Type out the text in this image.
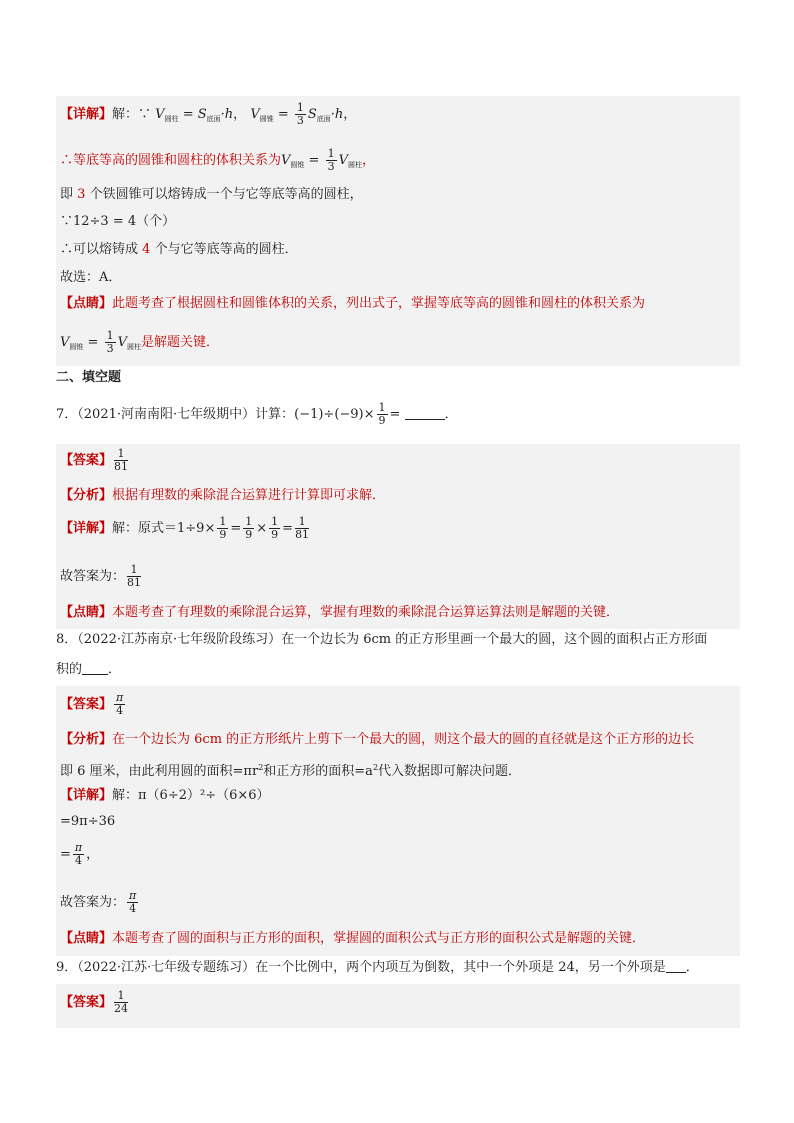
【详解】解：∵ $V_{圆柱} = S_{底面}\cdot h$， $V_{圆锥} = \frac{1}{3} S_{底面}\cdot h$，
∴等底等高的圆锥和圆柱的体积关系为$V_{圆锥} = \frac{1}{3} V_{圆柱}$，
即 3 个铁圆锥可以熔铸成一个与它等底等高的圆柱，
∵12÷3 = 4（个）
∴可以熔铸成 4 个与它等底等高的圆柱．
故选：A．
【点睛】此题考查了根据圆柱和圆锥体积的关系，列出式子，掌握等底等高的圆锥和圆柱的体积关系为
$V_{圆锥} = \frac{1}{3} V_{圆柱}$是解题关键．
二、填空题
7．（2021·河南南阳·七年级期中）计算：$(-1)\div(-9)\times \frac{1}{9}$ =	．
【答案】 $\frac{1}{81}$
【分析】根据有理数的乘除混合运算进行计算即可求解．
【详解】解：原式$=1\div 9\times \frac{1}{9} = \frac{1}{9} \times \frac{1}{9} = \frac{1}{81}$
故答案为： $\frac{1}{81}$
【点睛】本题考查了有理数的乘除混合运算，掌握有理数的乘除混合运算运算法则是解题的关键．
8．（2022·江苏南京·七年级阶段练习）在一个边长为 6cm 的正方形里画一个最大的圆，这个圆的面积占正方形面
积的 ．
【答案】 $\frac{\pi}{4}$
【分析】在一个边长为 6cm 的正方形纸片上剪下一个最大的圆，则这个最大的圆的直径就是这个正方形的边长
即 6 厘米，由此利用圆的面积$=\pi r^2$和正方形的面积$=a^2$代入数据即可解决问题．
【详解】解：π（6÷2）²÷（6×6）
=9π÷36
= $\frac{\pi}{4}$ ，
故答案为： $\frac{\pi}{4}$
【点睛】本题考查了圆的面积与正方形的面积，掌握圆的面积公式与正方形的面积公式是解题的关键．
9．（2022·江苏·七年级专题练习）在一个比例中，两个内项互为倒数，其中一个外项是 24，另一个外项是 ．
【答案】 $\frac{1}{24}$
